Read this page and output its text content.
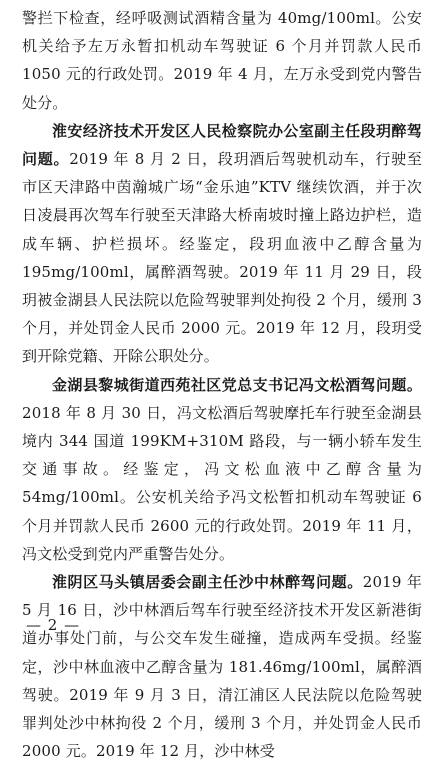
警拦下检查，经呼吸测试酒精含量为 40mg/100ml。公安机关给予左万永暂扣机动车驾驶证 6 个月并罚款人民币 1050 元的行政处罚。2019 年 4 月，左万永受到党内警告处分。

淮安经济技术开发区人民检察院办公室副主任段玥醉驾问题。2019 年 8 月 2 日，段玥酒后驾驶机动车，行驶至市区天津路中茵瀚城广场“金乐迪”KTV 继续饮酒，并于次日凌晨再次驾车行驶至天津路大桥南坡时撞上路边护栏，造成车辆、护栏损坏。经鉴定，段玥血液中乙醇含量为 195mg/100ml，属醉酒驾驶。2019 年 11 月 29 日，段玥被金湖县人民法院以危险驾驶罪判处拘役 2 个月，缓刑 3 个月，并处罚金人民币 2000 元。2019 年 12 月，段玥受到开除党籍、开除公职处分。

金湖县黎城街道西苑社区党总支书记冯文松酒驾问题。2018 年 8 月 30 日，冯文松酒后驾驶摩托车行驶至金湖县境内 344 国道 199KM+310M 路段，与一辆小轿车发生交通事故。经鉴定，冯文松血液中乙醇含量为 54mg/100ml。公安机关给予冯文松暂扣机动车驾驶证 6 个月并罚款人民币 2600 元的行政处罚。2019 年 11 月，冯文松受到党内严重警告处分。

淮阴区马头镇居委会副主任沙中林醉驾问题。2019 年 5 月 16 日，沙中林酒后驾车行驶至经济技术开发区新港街道办事处门前，与公交车发生碰撞，造成两车受损。经鉴定，沙中林血液中乙醇含量为 181.46mg/100ml，属醉酒驾驶。2019 年 9 月 3 日，清江浦区人民法院以危险驾驶罪判处沙中林拘役 2 个月，缓刑 3 个月，并处罚金人民币 2000 元。2019 年 12 月，沙中林受

— 2 —
